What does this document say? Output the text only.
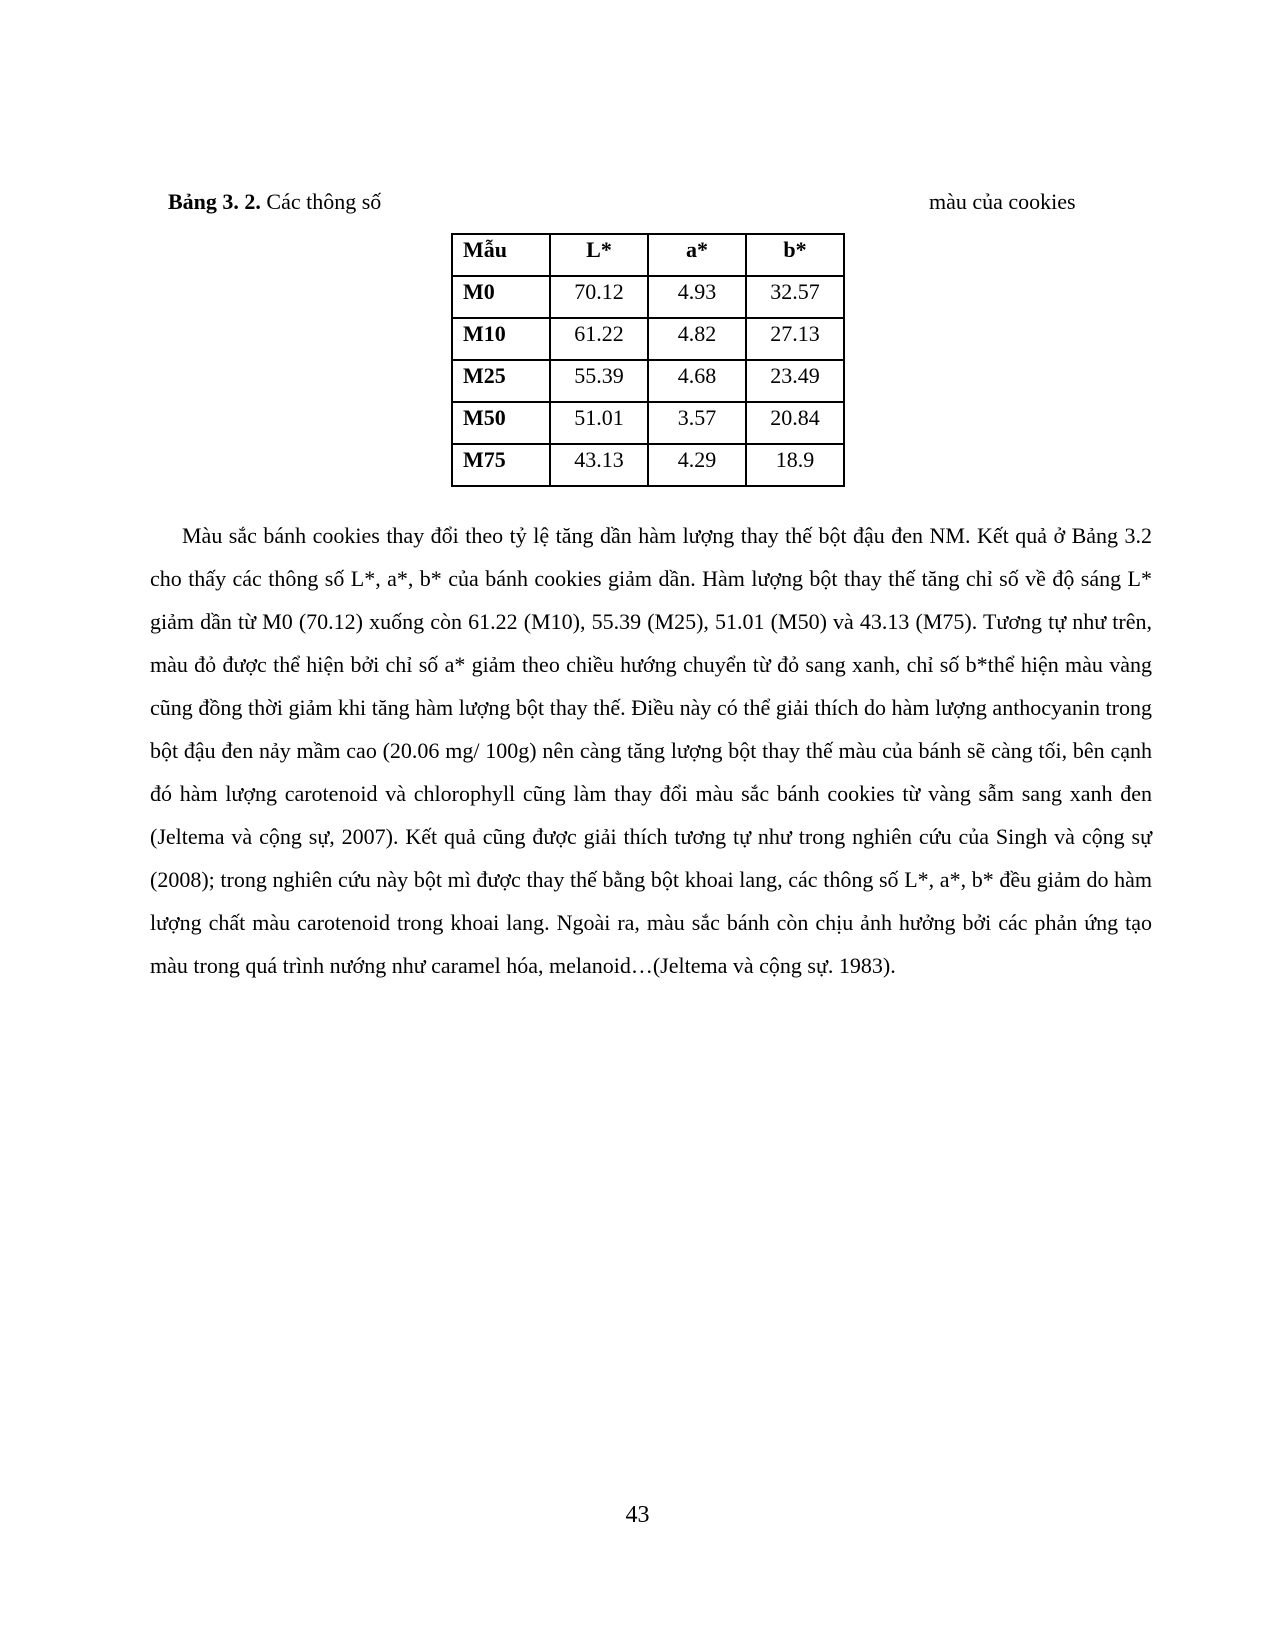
Bảng 3. 2. Các thông số	màu của cookies
Mẫu	L*	a*	b*
M0	70.12	4.93	32.57
M10	61.22	4.82	27.13
M25	55.39	4.68	23.49
M50	51.01	3.57	20.84
M75	43.13	4.29	18.9

Màu sắc bánh cookies thay đổi theo tỷ lệ tăng dần hàm lượng thay thế bột đậu đen NM. Kết quả ở Bảng 3.2 cho thấy các thông số L*, a*, b* của bánh cookies giảm dần. Hàm lượng bột thay thế tăng chỉ số về độ sáng L* giảm dần từ M0 (70.12) xuống còn 61.22 (M10), 55.39 (M25), 51.01 (M50) và 43.13 (M75). Tương tự như trên, màu đỏ được thể hiện bởi chỉ số a* giảm theo chiều hướng chuyển từ đỏ sang xanh, chỉ số b*thể hiện màu vàng cũng đồng thời giảm khi tăng hàm lượng bột thay thế. Điều này có thể giải thích do hàm lượng anthocyanin trong bột đậu đen nảy mầm cao (20.06 mg/ 100g) nên càng tăng lượng bột thay thế màu của bánh sẽ càng tối, bên cạnh đó hàm lượng carotenoid và chlorophyll cũng làm thay đổi màu sắc bánh cookies từ vàng sẫm sang xanh đen (Jeltema và cộng sự, 2007). Kết quả cũng được giải thích tương tự như trong nghiên cứu của Singh và cộng sự (2008); trong nghiên cứu này bột mì được thay thế bằng bột khoai lang, các thông số L*, a*, b* đều giảm do hàm lượng chất màu carotenoid trong khoai lang. Ngoài ra, màu sắc bánh còn chịu ảnh hưởng bởi các phản ứng tạo màu trong quá trình nướng như caramel hóa, melanoid…(Jeltema và cộng sự. 1983).

43
